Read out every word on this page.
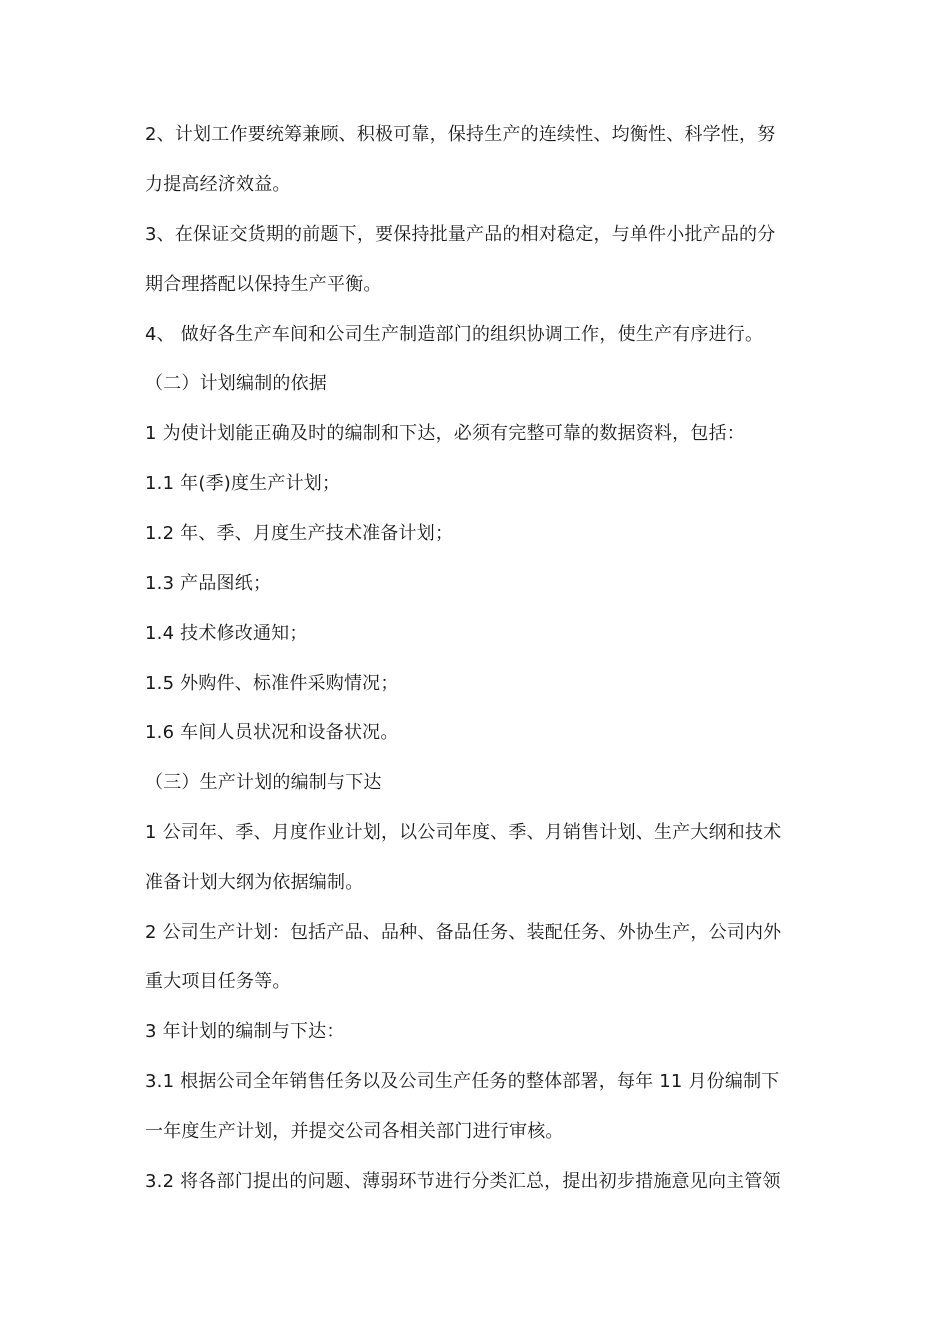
2、计划工作要统筹兼顾、积极可靠，保持生产的连续性、均衡性、科学性，努
力提高经济效益。
3、在保证交货期的前题下，要保持批量产品的相对稳定，与单件小批产品的分
期合理搭配以保持生产平衡。
4、 做好各生产车间和公司生产制造部门的组织协调工作，使生产有序进行。
（二）计划编制的依据
1 为使计划能正确及时的编制和下达，必须有完整可靠的数据资料，包括：
1.1 年(季)度生产计划；
1.2 年、季、月度生产技术准备计划；
1.3 产品图纸；
1.4 技术修改通知；
1.5 外购件、标准件采购情况；
1.6 车间人员状况和设备状况。
（三）生产计划的编制与下达
1 公司年、季、月度作业计划，以公司年度、季、月销售计划、生产大纲和技术
准备计划大纲为依据编制。
2 公司生产计划：包括产品、品种、备品任务、装配任务、外协生产，公司内外
重大项目任务等。
3 年计划的编制与下达：
3.1 根据公司全年销售任务以及公司生产任务的整体部署，每年 11 月份编制下
一年度生产计划，并提交公司各相关部门进行审核。
3.2 将各部门提出的问题、薄弱环节进行分类汇总，提出初步措施意见向主管领
